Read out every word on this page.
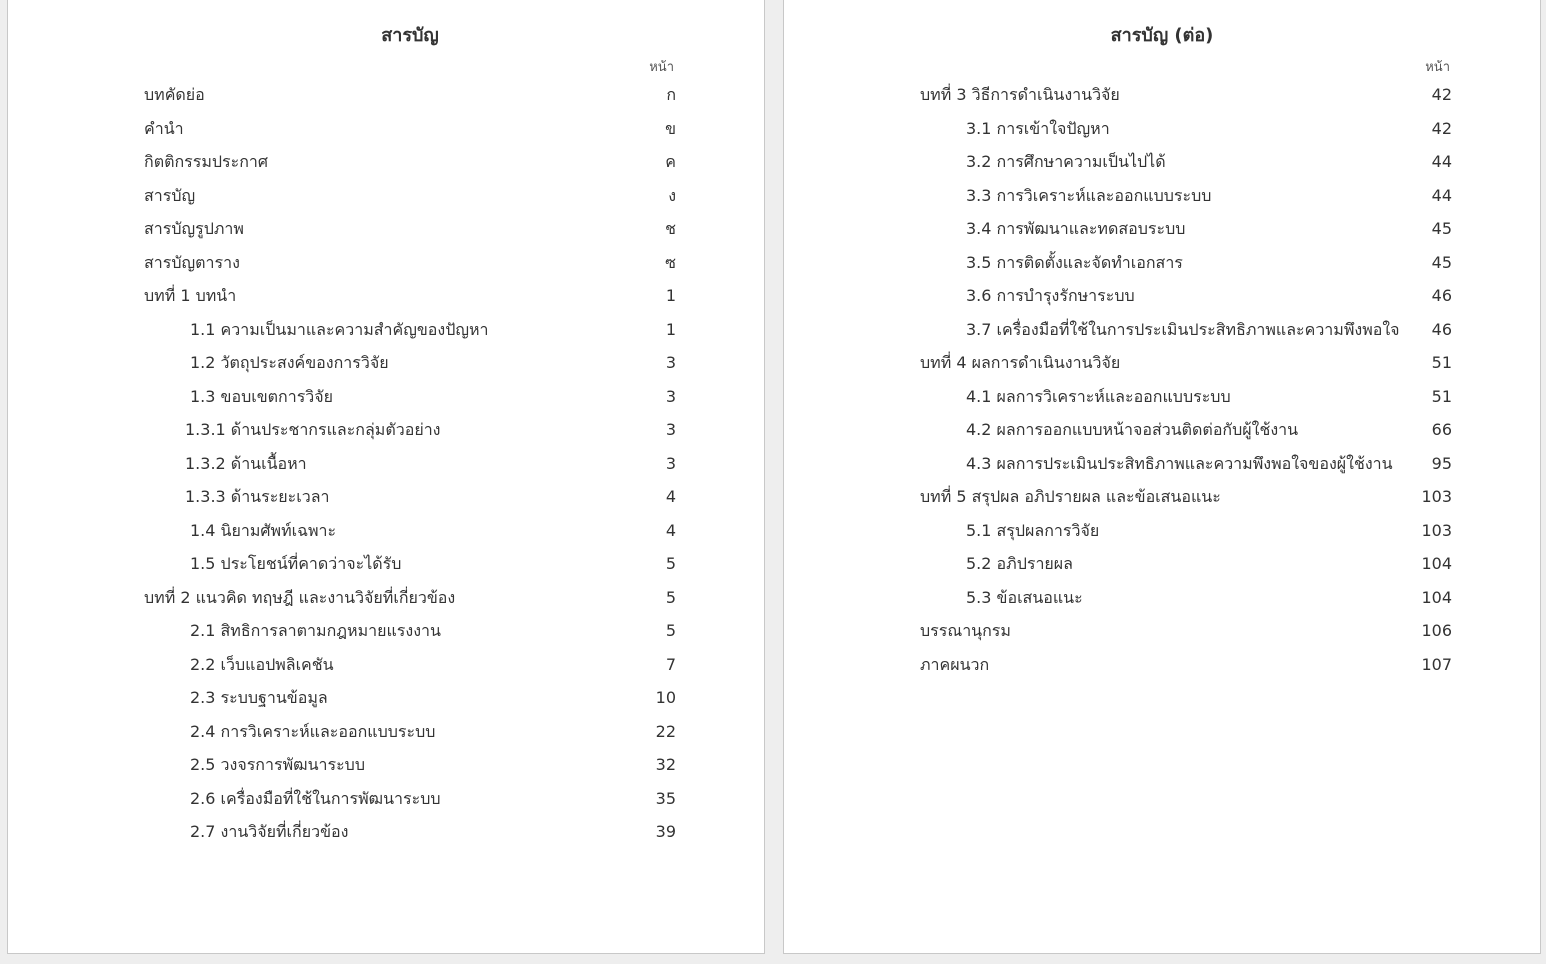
สารบัญ
หน้า
บทคัดย่อ	ก
คำนำ	ข
กิตติกรรมประกาศ	ค
สารบัญ	ง
สารบัญรูปภาพ	ช
สารบัญตาราง	ซ
บทที่ 1 บทนำ	1
1.1 ความเป็นมาและความสำคัญของปัญหา	1
1.2 วัตถุประสงค์ของการวิจัย	3
1.3 ขอบเขตการวิจัย	3
1.3.1 ด้านประชากรและกลุ่มตัวอย่าง	3
1.3.2 ด้านเนื้อหา	3
1.3.3 ด้านระยะเวลา	4
1.4 นิยามศัพท์เฉพาะ	4
1.5 ประโยชน์ที่คาดว่าจะได้รับ	5
บทที่ 2 แนวคิด ทฤษฎี และงานวิจัยที่เกี่ยวข้อง	5
2.1 สิทธิการลาตามกฎหมายแรงงาน	5
2.2 เว็บแอปพลิเคชัน	7
2.3 ระบบฐานข้อมูล	10
2.4 การวิเคราะห์และออกแบบระบบ	22
2.5 วงจรการพัฒนาระบบ	32
2.6 เครื่องมือที่ใช้ในการพัฒนาระบบ	35
2.7 งานวิจัยที่เกี่ยวข้อง	39
สารบัญ (ต่อ)
หน้า
บทที่ 3 วิธีการดำเนินงานวิจัย	42
3.1 การเข้าใจปัญหา	42
3.2 การศึกษาความเป็นไปได้	44
3.3 การวิเคราะห์และออกแบบระบบ	44
3.4 การพัฒนาและทดสอบระบบ	45
3.5 การติดตั้งและจัดทำเอกสาร	45
3.6 การบำรุงรักษาระบบ	46
3.7 เครื่องมือที่ใช้ในการประเมินประสิทธิภาพและความพึงพอใจ 46
บทที่ 4 ผลการดำเนินงานวิจัย	51
4.1 ผลการวิเคราะห์และออกแบบระบบ	51
4.2 ผลการออกแบบหน้าจอส่วนติดต่อกับผู้ใช้งาน	66
4.3 ผลการประเมินประสิทธิภาพและความพึงพอใจของผู้ใช้งาน 95
บทที่ 5 สรุปผล อภิปรายผล และข้อเสนอแนะ	103
5.1 สรุปผลการวิจัย	103
5.2 อภิปรายผล	104
5.3 ข้อเสนอแนะ	104
บรรณานุกรม	106
ภาคผนวก	107
